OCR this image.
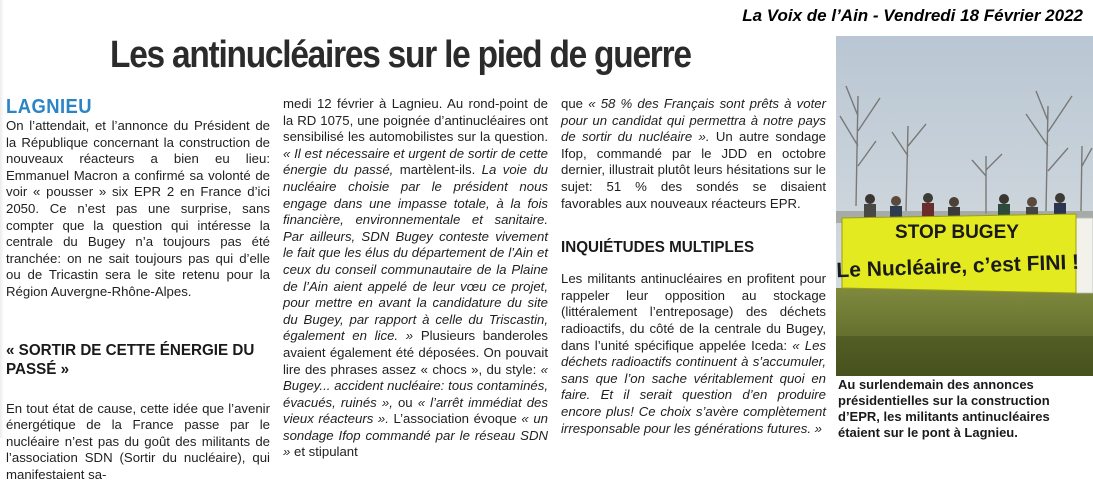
La Voix de l’Ain - Vendredi 18 Février 2022
Les antinucléaires sur le pied de guerre
LAGNIEU

On l’attendait, et l’annonce du Président de la République concernant la construction de nouveaux réacteurs a bien eu lieu: Emmanuel Macron a confirmé sa volonté de voir « pousser » six EPR 2 en France d’ici 2050. Ce n’est pas une surprise, sans compter que la question qui intéresse la centrale du Bugey n’a toujours pas été tranchée: on ne sait toujours pas qui d’elle ou de Tricastin sera le site retenu pour la Région Auvergne-Rhône-Alpes.

« SORTIR DE CETTE ÉNERGIE DU PASSÉ »

En tout état de cause, cette idée que l’avenir énergétique de la France passe par le nucléaire n’est pas du goût des militants de l’association SDN (Sortir du nucléaire), qui manifestaient sa-

medi 12 février à Lagnieu. Au rond-point de la RD 1075, une poignée d’antinucléaires ont sensibilisé les automobilistes sur la question. « Il est nécessaire et urgent de sortir de cette énergie du passé, martèlent-ils. La voie du nucléaire choisie par le président nous engage dans une impasse totale, à la fois financière, environnementale et sanitaire. Par ailleurs, SDN Bugey conteste vivement le fait que les élus du département de l’Ain et ceux du conseil communautaire de la Plaine de l’Ain aient appelé de leur vœu ce projet, pour mettre en avant la candidature du site du Bugey, par rapport à celle du Triscastin, également en lice. » Plusieurs banderoles avaient également été déposées. On pouvait lire des phrases assez « chocs », du style: « Bugey... accident nucléaire: tous contaminés, évacués, ruinés », ou « l’arrêt immédiat des vieux réacteurs ». L’association évoque « un sondage Ifop commandé par le réseau SDN » et stipulant

que « 58 % des Français sont prêts à voter pour un candidat qui permettra à notre pays de sortir du nucléaire ». Un autre sondage Ifop, commandé par le JDD en octobre dernier, illustrait plutôt leurs hésitations sur le sujet: 51 % des sondés se disaient favorables aux nouveaux réacteurs EPR.

INQUIÉTUDES MULTIPLES

Les militants antinucléaires en profitent pour rappeler leur opposition au stockage (littéralement l’entreposage) des déchets radioactifs, du côté de la centrale du Bugey, dans l’unité spécifique appelée Iceda: « Les déchets radioactifs continuent à s’accumuler, sans que l’on sache véritablement quoi en faire. Et il serait question d’en produire encore plus! Ce choix s’avère complètement irresponsable pour les générations futures. »

STOP BUGEY
Le Nucléaire, c’est FINI !
Au surlendemain des annonces présidentielles sur la construction d’EPR, les militants antinucléaires étaient sur le pont à Lagnieu.
